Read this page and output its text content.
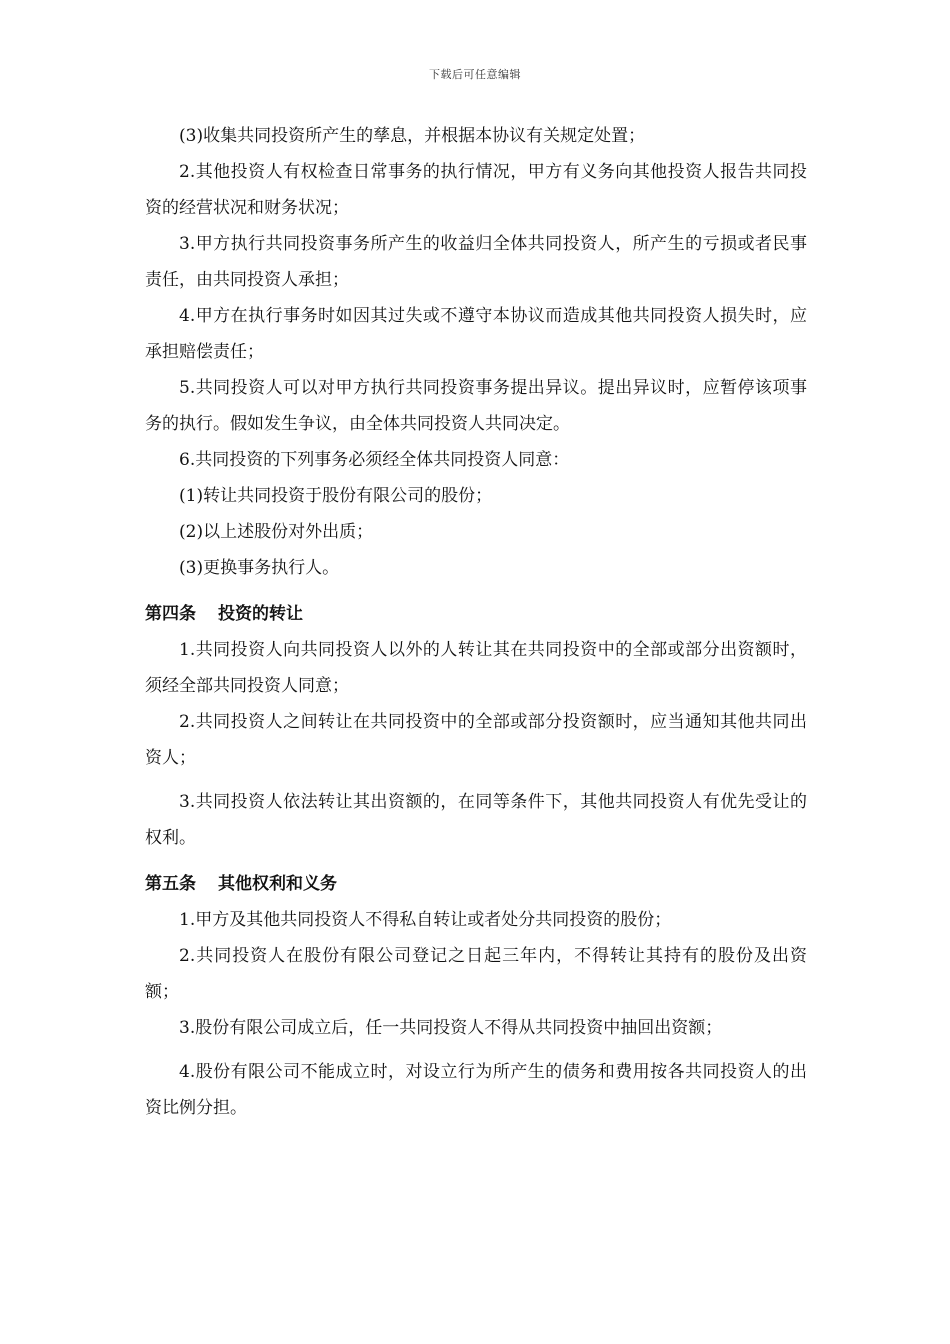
下载后可任意编辑

(3)收集共同投资所产生的孳息，并根据本协议有关规定处置；

2.其他投资人有权检查日常事务的执行情况，甲方有义务向其他投资人报告共同投资的经营状况和财务状况；

3.甲方执行共同投资事务所产生的收益归全体共同投资人，所产生的亏损或者民事责任，由共同投资人承担；

4.甲方在执行事务时如因其过失或不遵守本协议而造成其他共同投资人损失时，应承担赔偿责任；

5.共同投资人可以对甲方执行共同投资事务提出异议。提出异议时，应暂停该项事务的执行。假如发生争议，由全体共同投资人共同决定。

6.共同投资的下列事务必须经全体共同投资人同意：

(1)转让共同投资于股份有限公司的股份；

(2)以上述股份对外出质；

(3)更换事务执行人。

第四条 投资的转让

1.共同投资人向共同投资人以外的人转让其在共同投资中的全部或部分出资额时，须经全部共同投资人同意；

2.共同投资人之间转让在共同投资中的全部或部分投资额时，应当通知其他共同出资人；

3.共同投资人依法转让其出资额的，在同等条件下，其他共同投资人有优先受让的权利。

第五条 其他权利和义务

1.甲方及其他共同投资人不得私自转让或者处分共同投资的股份；

2.共同投资人在股份有限公司登记之日起三年内，不得转让其持有的股份及出资额；

3.股份有限公司成立后，任一共同投资人不得从共同投资中抽回出资额；

4.股份有限公司不能成立时，对设立行为所产生的债务和费用按各共同投资人的出资比例分担。
